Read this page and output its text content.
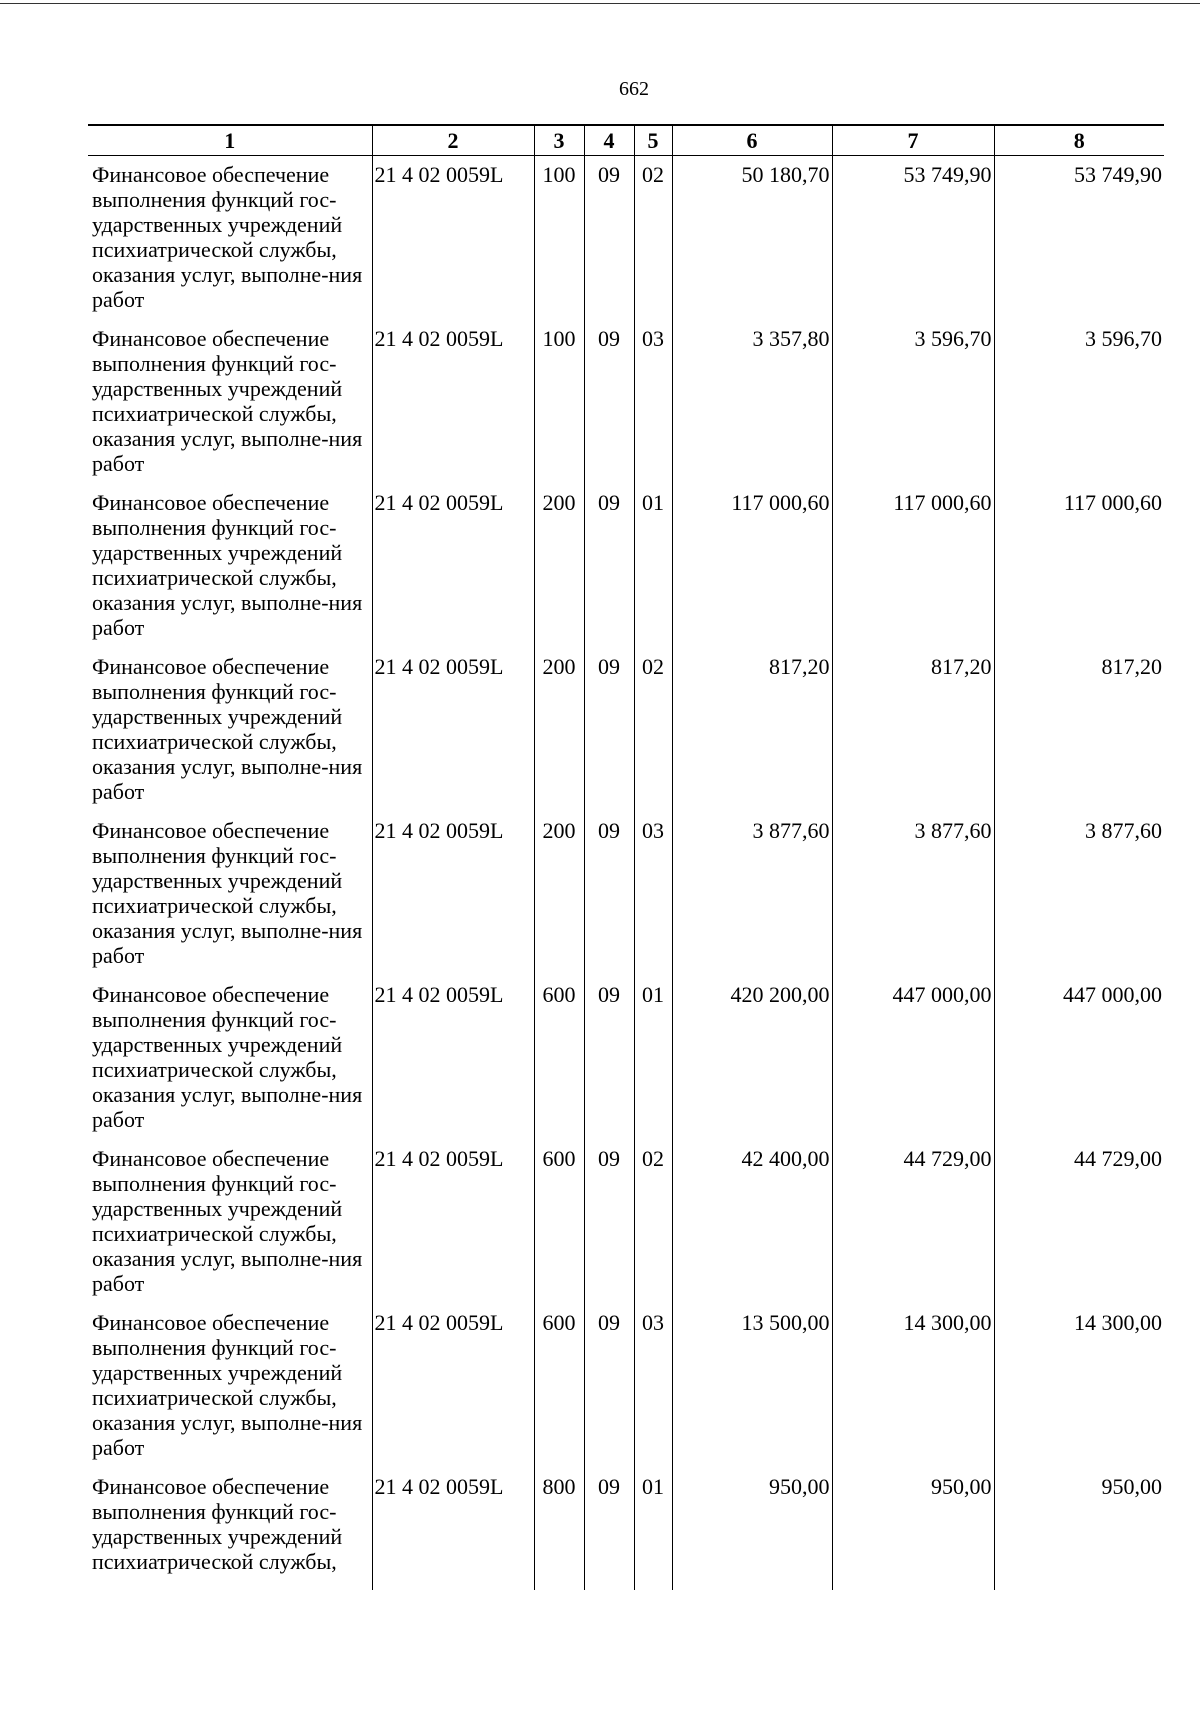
662
1	2	3	4	5	6	7	8
Финансовое обеспечение выполнения функций гос-ударственных учреждений психиатрической службы, оказания услуг, выполне-ния работ	21 4 02 0059L	100	09	02	50 180,70	53 749,90	53 749,90
Финансовое обеспечение выполнения функций гос-ударственных учреждений психиатрической службы, оказания услуг, выполне-ния работ	21 4 02 0059L	100	09	03	3 357,80	3 596,70	3 596,70
Финансовое обеспечение выполнения функций гос-ударственных учреждений психиатрической службы, оказания услуг, выполне-ния работ	21 4 02 0059L	200	09	01	117 000,60	117 000,60	117 000,60
Финансовое обеспечение выполнения функций гос-ударственных учреждений психиатрической службы, оказания услуг, выполне-ния работ	21 4 02 0059L	200	09	02	817,20	817,20	817,20
Финансовое обеспечение выполнения функций гос-ударственных учреждений психиатрической службы, оказания услуг, выполне-ния работ	21 4 02 0059L	200	09	03	3 877,60	3 877,60	3 877,60
Финансовое обеспечение выполнения функций гос-ударственных учреждений психиатрической службы, оказания услуг, выполне-ния работ	21 4 02 0059L	600	09	01	420 200,00	447 000,00	447 000,00
Финансовое обеспечение выполнения функций гос-ударственных учреждений психиатрической службы, оказания услуг, выполне-ния работ	21 4 02 0059L	600	09	02	42 400,00	44 729,00	44 729,00
Финансовое обеспечение выполнения функций гос-ударственных учреждений психиатрической службы, оказания услуг, выполне-ния работ	21 4 02 0059L	600	09	03	13 500,00	14 300,00	14 300,00
Финансовое обеспечение выполнения функций гос-ударственных учреждений психиатрической службы,	21 4 02 0059L	800	09	01	950,00	950,00	950,00
